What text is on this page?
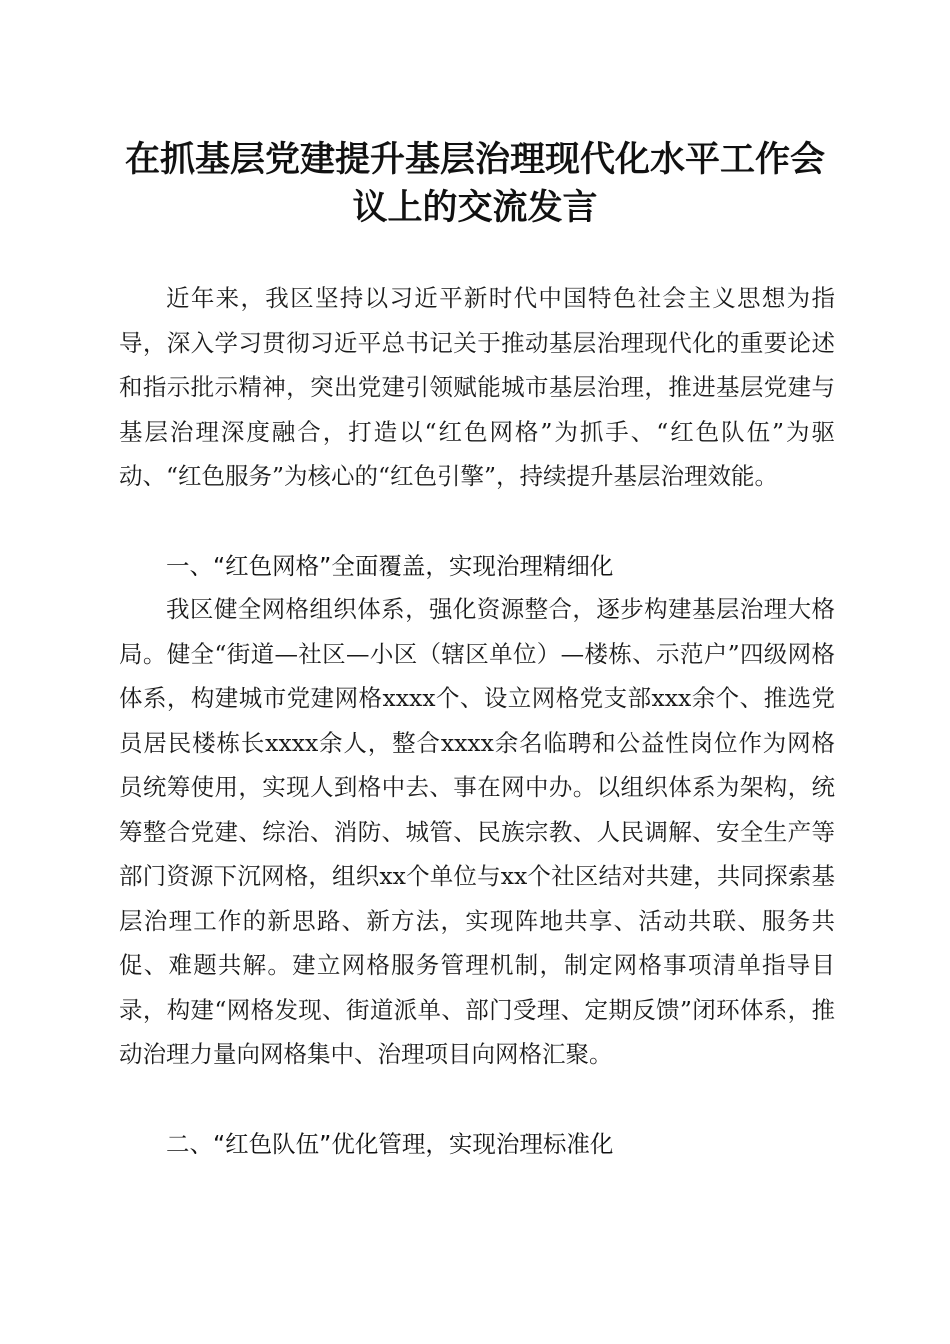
在抓基层党建提升基层治理现代化水平工作会议上的交流发言

近年来，我区坚持以习近平新时代中国特色社会主义思想为指导，深入学习贯彻习近平总书记关于推动基层治理现代化的重要论述和指示批示精神，突出党建引领赋能城市基层治理，推进基层党建与基层治理深度融合，打造以“红色网格”为抓手、“红色队伍”为驱动、“红色服务”为核心的“红色引擎”，持续提升基层治理效能。

一、“红色网格”全面覆盖，实现治理精细化

我区健全网格组织体系，强化资源整合，逐步构建基层治理大格局。健全“街道—社区—小区（辖区单位）—楼栋、示范户”四级网格体系，构建城市党建网格xxxx个、设立网格党支部xxx余个、推选党员居民楼栋长xxxx余人，整合xxxx余名临聘和公益性岗位作为网格员统筹使用，实现人到格中去、事在网中办。以组织体系为架构，统筹整合党建、综治、消防、城管、民族宗教、人民调解、安全生产等部门资源下沉网格，组织xx个单位与xx个社区结对共建，共同探索基层治理工作的新思路、新方法，实现阵地共享、活动共联、服务共促、难题共解。建立网格服务管理机制，制定网格事项清单指导目录，构建“网格发现、街道派单、部门受理、定期反馈”闭环体系，推动治理力量向网格集中、治理项目向网格汇聚。

二、“红色队伍”优化管理，实现治理标准化
